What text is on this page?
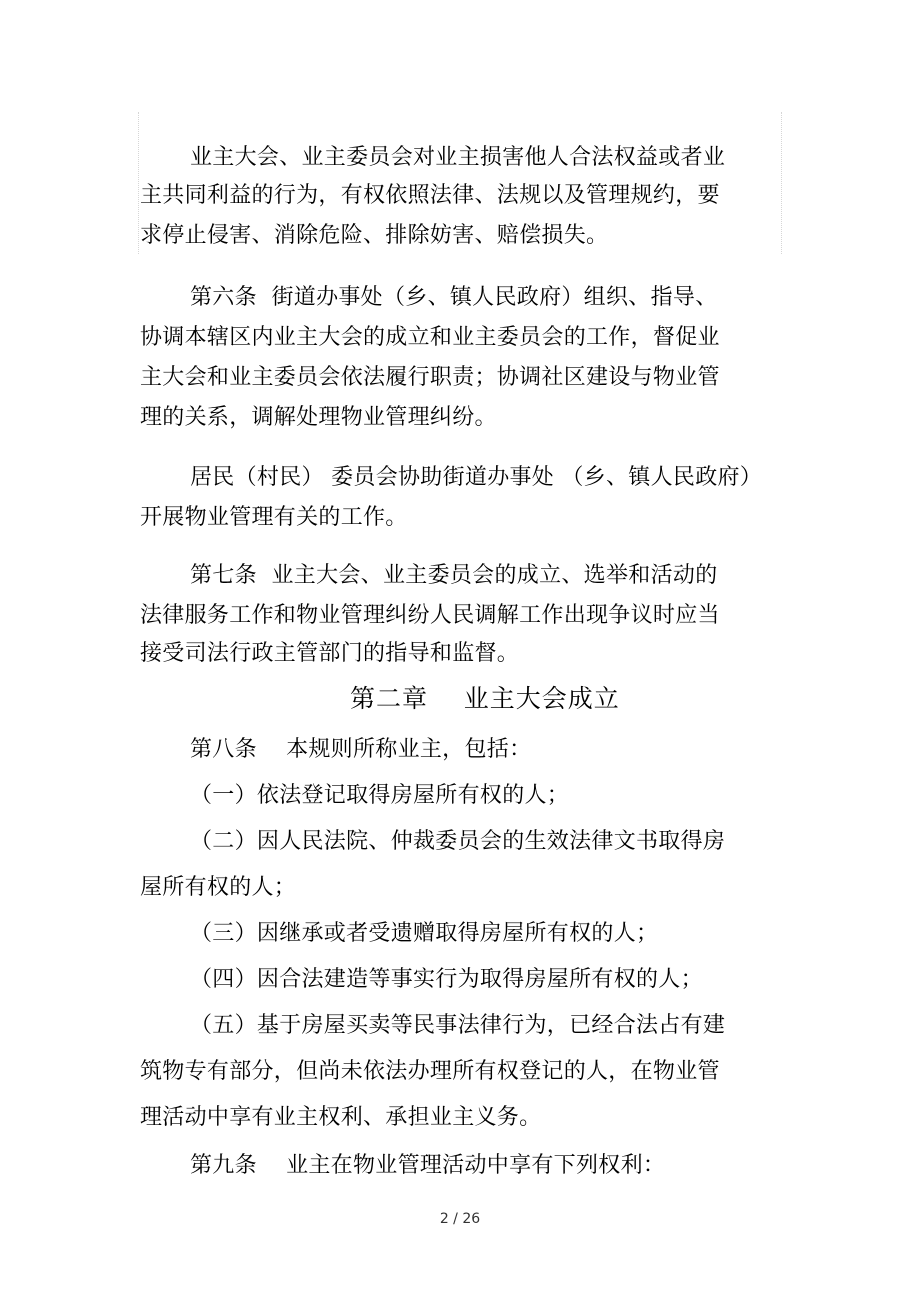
业主大会、业主委员会对业主损害他人合法权益或者业
主共同利益的行为，有权依照法律、法规以及管理规约，要
求停止侵害、消除危险、排除妨害、赔偿损失。
第六条  街道办事处（乡、镇人民政府）组织、指导、
协调本辖区内业主大会的成立和业主委员会的工作，督促业
主大会和业主委员会依法履行职责；协调社区建设与物业管
理的关系，调解处理物业管理纠纷。
居民（村民） 委员会协助街道办事处 （乡、镇人民政府）
开展物业管理有关的工作。
第七条  业主大会、业主委员会的成立、选举和活动的
法律服务工作和物业管理纠纷人民调解工作出现争议时应当
接受司法行政主管部门的指导和监督。
第二章    业主大会成立
第八条    本规则所称业主，包括：
（一）依法登记取得房屋所有权的人；
（二）因人民法院、仲裁委员会的生效法律文书取得房
屋所有权的人；
（三）因继承或者受遗赠取得房屋所有权的人；
（四）因合法建造等事实行为取得房屋所有权的人；
（五）基于房屋买卖等民事法律行为，已经合法占有建
筑物专有部分，但尚未依法办理所有权登记的人，在物业管
理活动中享有业主权利、承担业主义务。
第九条    业主在物业管理活动中享有下列权利：
2 / 26
